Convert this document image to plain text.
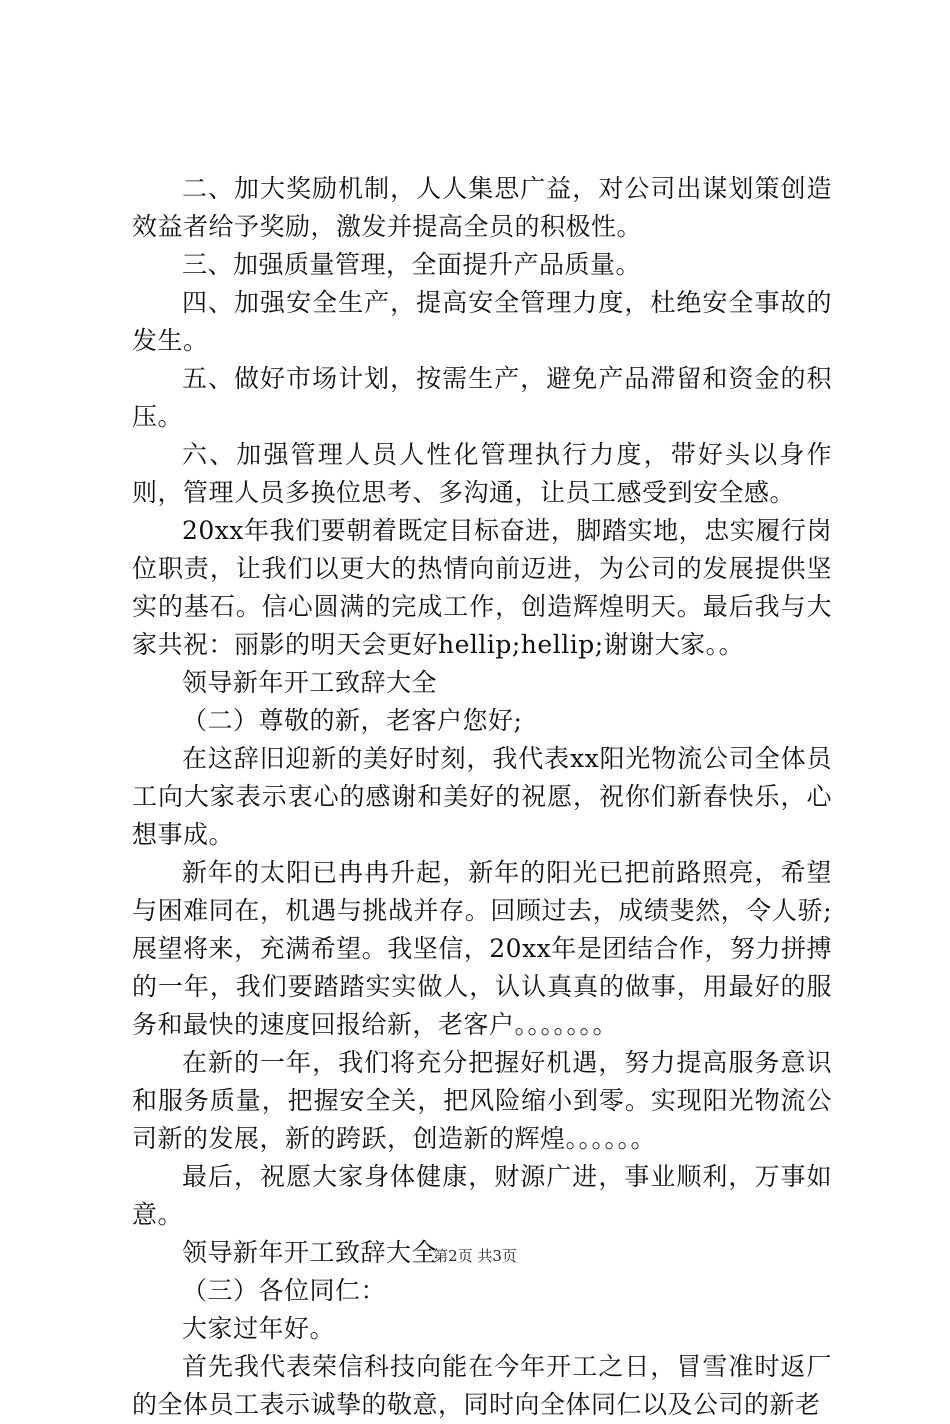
二、加大奖励机制，人人集思广益，对公司出谋划策创造效益者给予奖励，激发并提高全员的积极性。

三、加强质量管理，全面提升产品质量。

四、加强安全生产，提高安全管理力度，杜绝安全事故的发生。

五、做好市场计划，按需生产，避免产品滞留和资金的积压。

六、加强管理人员人性化管理执行力度，带好头以身作则，管理人员多换位思考、多沟通，让员工感受到安全感。

20xx年我们要朝着既定目标奋进，脚踏实地，忠实履行岗位职责，让我们以更大的热情向前迈进，为公司的发展提供坚实的基石。信心圆满的完成工作，创造辉煌明天。最后我与大家共祝：丽影的明天会更好hellip;hellip;谢谢大家。。

领导新年开工致辞大全

（二）尊敬的新，老客户您好;

在这辞旧迎新的美好时刻，我代表xx阳光物流公司全体员工向大家表示衷心的感谢和美好的祝愿，祝你们新春快乐，心想事成。

新年的太阳已冉冉升起，新年的阳光已把前路照亮，希望与困难同在，机遇与挑战并存。回顾过去，成绩斐然，令人骄;展望将来，充满希望。我坚信，20xx年是团结合作，努力拼搏的一年，我们要踏踏实实做人，认认真真的做事，用最好的服务和最快的速度回报给新，老客户。。。。。。。

在新的一年，我们将充分把握好机遇，努力提高服务意识和服务质量，把握安全关，把风险缩小到零。实现阳光物流公司新的发展，新的跨跃，创造新的辉煌。。。。。。

最后，祝愿大家身体健康，财源广进，事业顺利，万事如意。

领导新年开工致辞大全

（三）各位同仁：

大家过年好。

首先我代表荣信科技向能在今年开工之日，冒雪准时返厂的全体员工表示诚挚的敬意，同时向全体同仁以及公司的新老

第2页 共3页
